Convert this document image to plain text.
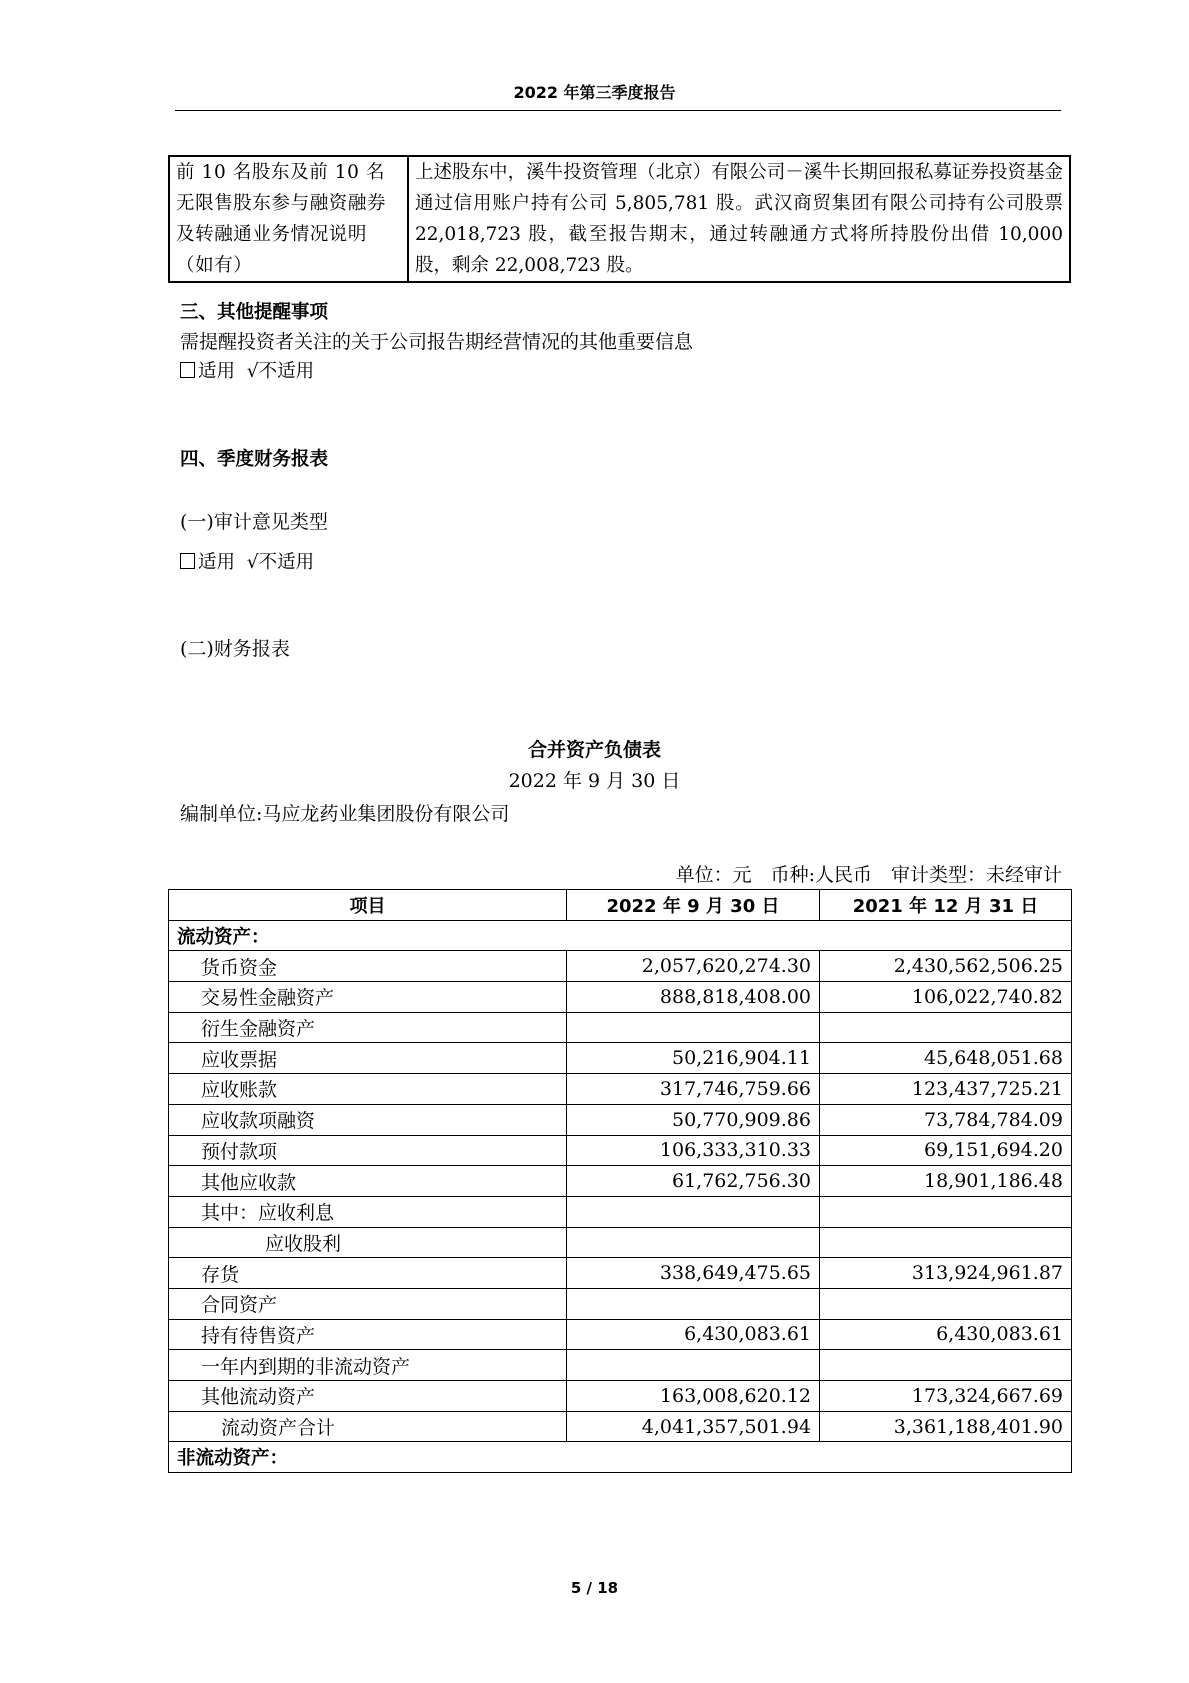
2022 年第三季度报告
前 10 名股东及前 10 名无限售股东参与融资融券及转融通业务情况说明（如有）	上述股东中，溪牛投资管理（北京）有限公司－溪牛长期回报私募证券投资基金通过信用账户持有公司 5,805,781 股。武汉商贸集团有限公司持有公司股票 22,018,723 股，截至报告期末，通过转融通方式将所持股份出借 10,000 股，剩余 22,008,723 股。
三、其他提醒事项
需提醒投资者关注的关于公司报告期经营情况的其他重要信息
适用 √不适用
四、季度财务报表
(一)审计意见类型
适用 √不适用
(二)财务报表
合并资产负债表
2022 年 9 月 30 日
编制单位:马应龙药业集团股份有限公司
单位：元　币种:人民币　审计类型：未经审计
项目	2022 年 9 月 30 日	2021 年 12 月 31 日
流动资产：		
货币资金	2,057,620,274.30	2,430,562,506.25
交易性金融资产	888,818,408.00	106,022,740.82
衍生金融资产		
应收票据	50,216,904.11	45,648,051.68
应收账款	317,746,759.66	123,437,725.21
应收款项融资	50,770,909.86	73,784,784.09
预付款项	106,333,310.33	69,151,694.20
其他应收款	61,762,756.30	18,901,186.48
其中：应收利息		
应收股利		
存货	338,649,475.65	313,924,961.87
合同资产		
持有待售资产	6,430,083.61	6,430,083.61
一年内到期的非流动资产		
其他流动资产	163,008,620.12	173,324,667.69
流动资产合计	4,041,357,501.94	3,361,188,401.90
非流动资产：		
5 / 18
